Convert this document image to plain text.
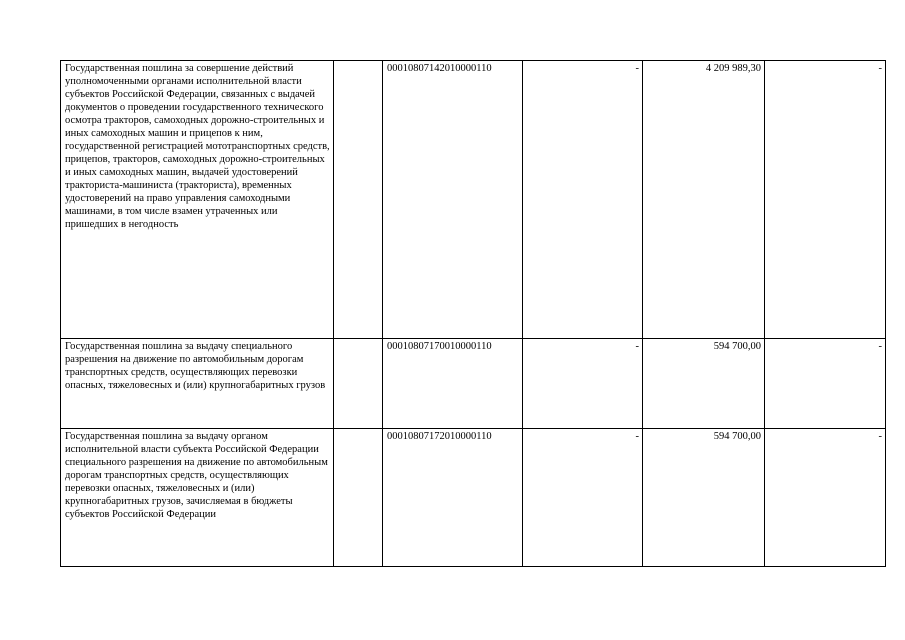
Государственная пошлина за совершение действий уполномоченными органами исполнительной власти субъектов Российской Федерации, связанных с выдачей документов о проведении государственного технического осмотра тракторов, самоходных дорожно-строительных и иных самоходных машин и прицепов к ним, государственной регистрацией мототранспортных средств, прицепов, тракторов, самоходных дорожно-строительных и иных самоходных машин, выдачей удостоверений тракториста-машиниста (тракториста), временных удостоверений на право управления самоходными машинами, в том числе взамен утраченных или пришедших в негодность		0001080714201000011​0	-	4 209 989,30	-
Государственная пошлина за выдачу специального разрешения на движение по автомобильным дорогам транспортных средств, осуществляющих перевозки опасных, тяжеловесных и (или) крупногабаритных грузов		00010807170010000110	-	594 700,00	-
Государственная пошлина за выдачу органом исполнительной власти субъекта Российской Федерации специального разрешения на движение по автомобильным дорогам транспортных средств, осуществляющих перевозки опасных, тяжеловесных и (или) крупногабаритных грузов, зачисляемая в бюджеты субъектов Российской Федерации		00010807172010000110	-	594 700,00	-
